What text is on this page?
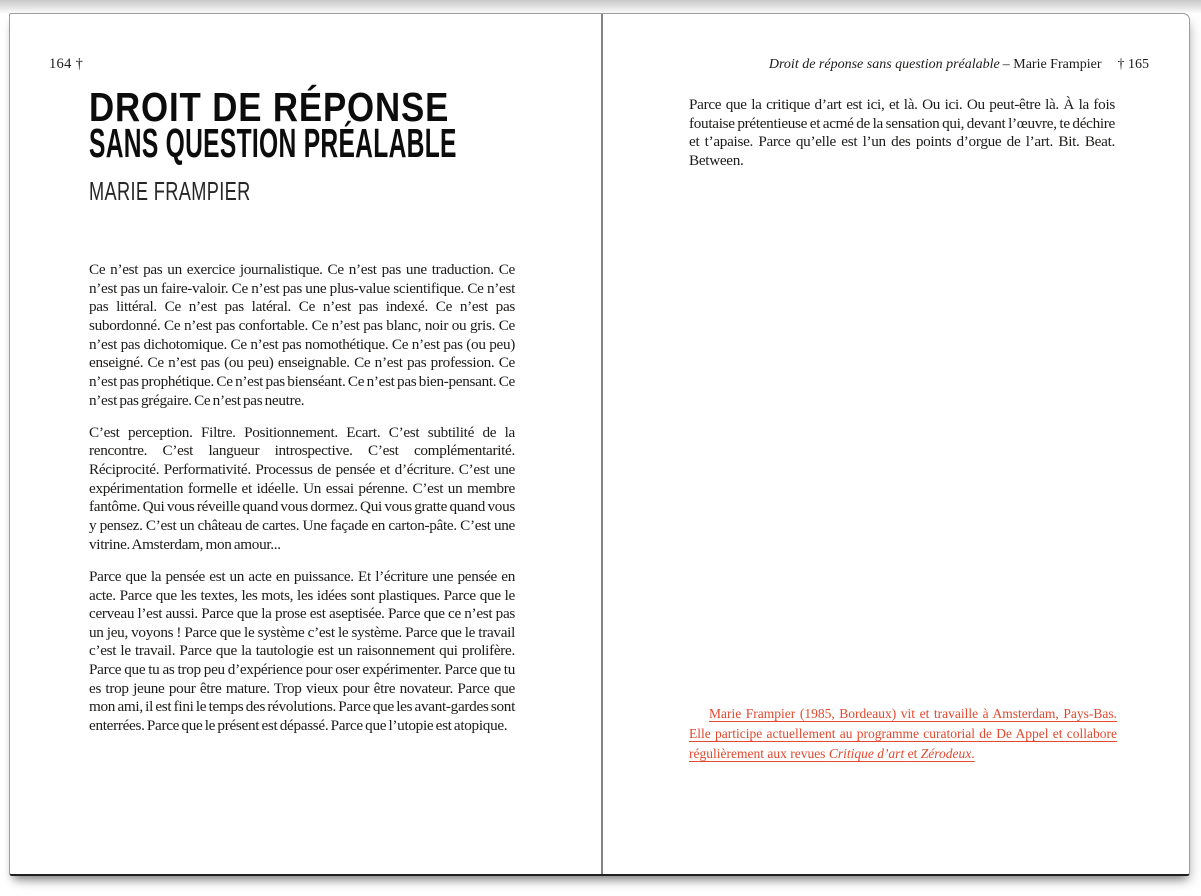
164 †
DROIT DE RÉPONSE
SANS QUESTION PRÉALABLE
MARIE FRAMPIER

Ce n’est pas un exercice journalistique. Ce n’est pas une traduction. Ce n’est pas un faire-valoir. Ce n’est pas une plus-value scientifique. Ce n’est pas littéral. Ce n’est pas latéral. Ce n’est pas indexé. Ce n’est pas subordonné. Ce n’est pas confortable. Ce n’est pas blanc, noir ou gris. Ce n’est pas dichotomique. Ce n’est pas nomothétique. Ce n’est pas (ou peu) enseigné. Ce n’est pas (ou peu) enseignable. Ce n’est pas profession. Ce n’est pas prophétique. Ce n’est pas bienséant. Ce n’est pas bien-pensant. Ce n’est pas grégaire. Ce n’est pas neutre.

C’est perception. Filtre. Positionnement. Ecart. C’est subtilité de la rencontre. C’est langueur introspective. C’est complémentarité. Réciprocité. Performativité. Processus de pensée et d’écriture. C’est une expérimentation formelle et idéelle. Un essai pérenne. C’est un membre fantôme. Qui vous réveille quand vous dormez. Qui vous gratte quand vous y pensez. C’est un château de cartes. Une façade en carton-pâte. C’est une vitrine. Amsterdam, mon amour...

Parce que la pensée est un acte en puissance. Et l’écriture une pensée en acte. Parce que les textes, les mots, les idées sont plastiques. Parce que le cerveau l’est aussi. Parce que la prose est aseptisée. Parce que ce n’est pas un jeu, voyons ! Parce que le système c’est le système. Parce que le travail c’est le travail. Parce que la tautologie est un raisonnement qui prolifère. Parce que tu as trop peu d’expérience pour oser expérimenter. Parce que tu es trop jeune pour être mature. Trop vieux pour être novateur. Parce que mon ami, il est fini le temps des révolutions. Parce que les avant-gardes sont enterrées. Parce que le présent est dépassé. Parce que l’utopie est atopique.

Droit de réponse sans question préalable – Marie Frampier † 165

Parce que la critique d’art est ici, et là. Ou ici. Ou peut-être là. À la fois foutaise prétentieuse et acmé de la sensation qui, devant l’œuvre, te déchire et t’apaise. Parce qu’elle est l’un des points d’orgue de l’art. Bit. Beat. Between.

Marie Frampier (1985, Bordeaux) vit et travaille à Amsterdam, Pays-Bas. Elle participe actuellement au programme curatorial de De Appel et collabore régulièrement aux revues Critique d’art et Zérodeux.
